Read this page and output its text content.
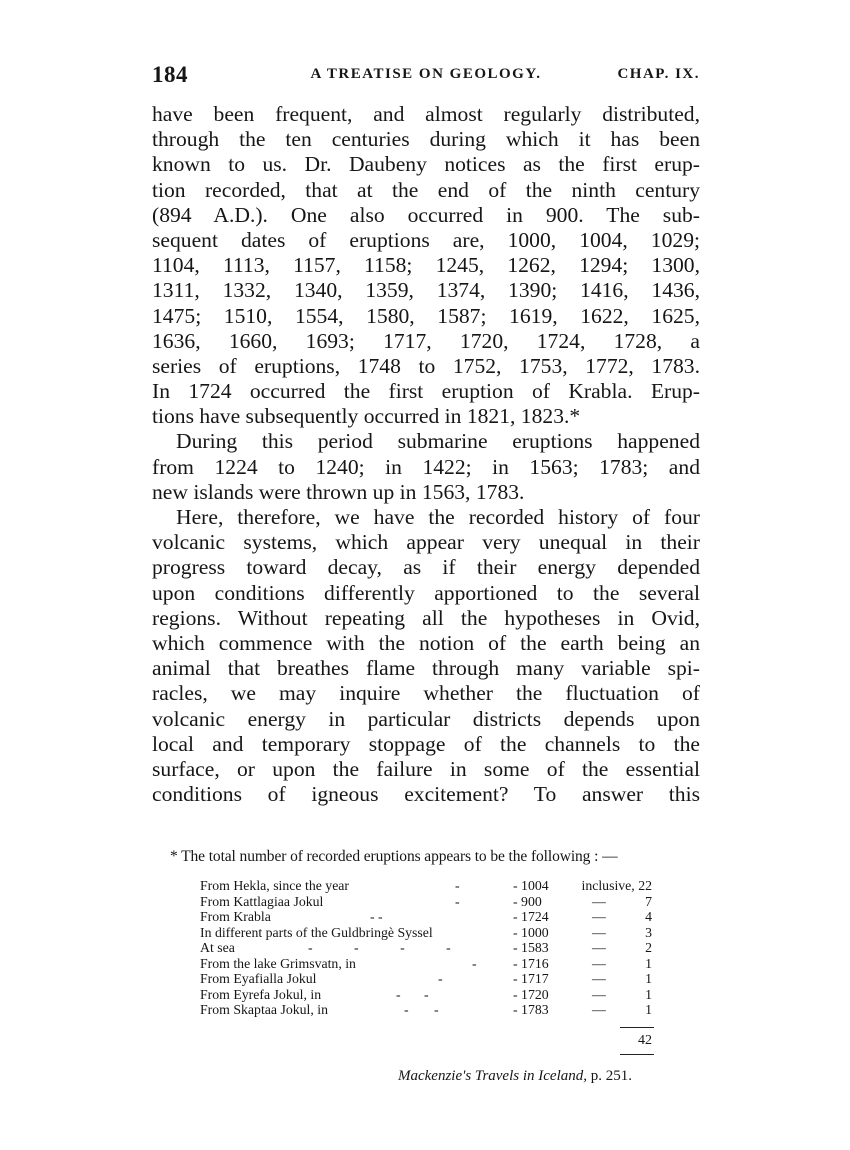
184	A TREATISE ON GEOLOGY.	CHAP. IX.
have been frequent, and almost regularly distributed,
through the ten centuries during which it has been
known to us. Dr. Daubeny notices as the first erup-
tion recorded, that at the end of the ninth century
(894 A.D.). One also occurred in 900. The sub-
sequent dates of eruptions are, 1000, 1004, 1029;
1104, 1113, 1157, 1158; 1245, 1262, 1294; 1300,
1311, 1332, 1340, 1359, 1374, 1390; 1416, 1436,
1475; 1510, 1554, 1580, 1587; 1619, 1622, 1625,
1636, 1660, 1693; 1717, 1720, 1724, 1728, a
series of eruptions, 1748 to 1752, 1753, 1772, 1783.
In 1724 occurred the first eruption of Krabla. Erup-
tions have subsequently occurred in 1821, 1823.*
During this period submarine eruptions happened
from 1224 to 1240; in 1422; in 1563; 1783; and
new islands were thrown up in 1563, 1783.
Here, therefore, we have the recorded history of four
volcanic systems, which appear very unequal in their
progress toward decay, as if their energy depended
upon conditions differently apportioned to the several
regions. Without repeating all the hypotheses in Ovid,
which commence with the notion of the earth being an
animal that breathes flame through many variable spi-
racles, we may inquire whether the fluctuation of
volcanic energy in particular districts depends upon
local and temporary stoppage of the channels to the
surface, or upon the failure in some of the essential
conditions of igneous excitement? To answer this
* The total number of recorded eruptions appears to be the following : —
From Hekla, since the year	-	- 1004	inclusive, 22
From Kattlagiaa Jokul	-	- 900	—	7
From Krabla	- -	- 1724	—	4
In different parts of the Guldbringè Syssel	- 1000	—	3
At sea	- - - -	- 1583	—	2
From the lake Grimsvatn, in	-	- 1716	—	1
From Eyafialla Jokul	-	- 1717	—	1
From Eyrefa Jokul, in	- -	- 1720	—	1
From Skaptaa Jokul, in	- -	- 1783	—	1
42
Mackenzie's Travels in Iceland, p. 251.
